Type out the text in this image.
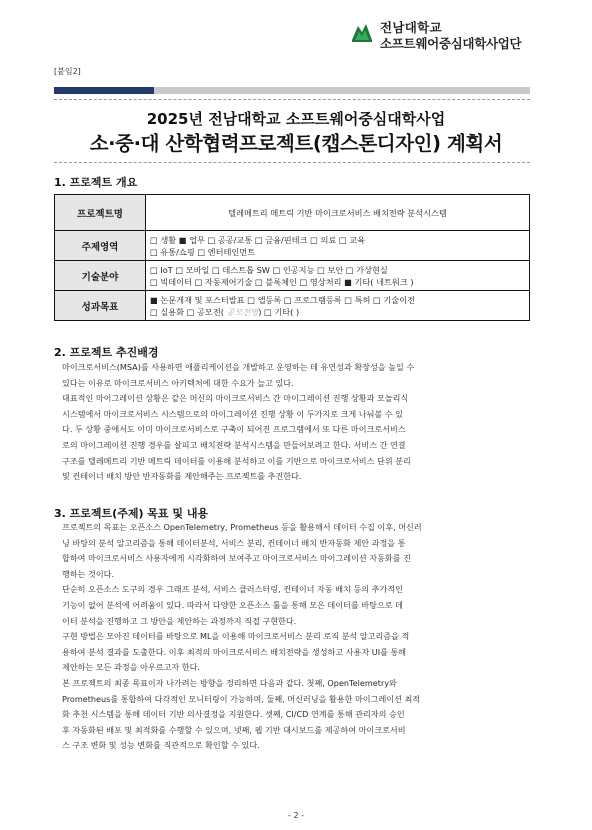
전남대학교
소프트웨어중심대학사업단
[붙임2]
2025년 전남대학교 소프트웨어중심대학사업
소·중·대 산학협력프로젝트(캡스톤디자인) 계획서
1. 프로젝트 개요
프로젝트명	텔레메트리 메트릭 기반 마이크로서비스 배치전략 분석시스템
주제영역	□ 생활 ■ 업무 □ 공공/교통 □ 금융/핀테크 □ 의료 □ 교육
□ 유통/쇼핑 □ 엔터테인먼트

기술분야	□ IoT □ 모바일 □ 데스트톱 SW □ 인공지능 □ 보안 □ 가상현실
□ 빅데이터 □ 자동제어기술 □ 블록체인 □ 영상처리 ■ 기타( 네트워크 )

성과목표	■ 논문게재 및 포스터발표 □ 앱등록 □ 프로그램등록 □ 특허 □ 기술이전
□ 실용화 □ 공모전( 공모전명) □ 기타( )
2. 프로젝트 추진배경
마이크로서비스(MSA)를 사용하면 애플리케이션을 개발하고 운영하는 데 유연성과 확장성을 높일 수
있다는 이유로 마이크로서비스 아키텍처에 대한 수요가 늘고 있다.
대표적인 마이그레이션 상황은 같은 머신의 마이크로서비스 간 마이그레이션 진행 상황과 모놀리식
시스템에서 마이크로서비스 시스템으로의 마이그레이션 진행 상황 이 두가지로 크게 나눠볼 수 있
다. 두 상황 중에서도 이미 마이크로서비스로 구축이 되어진 프로그램에서 또 다른 마이크로서비스
로의 마이그레이션 진행 경우를 살피고 배치전략 분석시스템을 만들어보려고 한다. 서비스 간 연결
구조를 텔레메트리 기반 메트릭 데이터를 이용해 분석하고 이를 기반으로 마이크로서비스 단위 분리
및 컨테이너 배치 방안 반자동화를 제안해주는 프로젝트를 추진한다.
3. 프로젝트(주제) 목표 및 내용
프로젝트의 목표는 오픈소스 OpenTelemetry, Prometheus 등을 활용해서 데이터 수집 이후, 머신러
닝 바탕의 분석 알고리즘을 통해 데이터분석, 서비스 분리, 컨테이너 배치 반자동화 제안 과정을 통
합하여 마이크로서비스 사용자에게 시각화하여 보여주고 마이크로서비스 마이그레이션 자동화를 진
행하는 것이다.
단순히 오픈소스 도구의 경우 그래프 분석, 서비스 클러스터링, 컨테이너 자동 배치 등의 추가적인
기능이 없어 분석에 어려움이 있다. 따라서 다양한 오픈소스 툴을 통해 모은 데이터를 바탕으로 데
이터 분석을 진행하고 그 방안을 제안하는 과정까지 직접 구현한다.
구현 방법은 모아진 데이터를 바탕으로 ML을 이용해 마이크로서비스 분리 로직 분석 알고리즘을 적
용하여 분석 결과를 도출한다. 이후 최적의 마이크로서비스 배치전략을 생성하고 사용자 UI를 통해
제안하는 모든 과정을 아우르고자 한다.
본 프로젝트의 최종 목표이자 나가려는 방향을 정리하면 다음과 같다. 첫째, OpenTelemetry와
Prometheus를 통합하여 다각적인 모니터링이 가능하며, 둘째, 머신러닝을 활용한 마이그레이션 최적
화 추천 시스템을 통해 데이터 기반 의사결정을 지원한다. 셋째, CI/CD 연계를 통해 관리자의 승인
후 자동화된 배포 및 최적화를 수행할 수 있으며, 넷째, 웹 기반 대시보드를 제공하여 마이크로서비
스 구조 변화 및 성능 변화를 직관적으로 확인할 수 있다.
- 2 -
